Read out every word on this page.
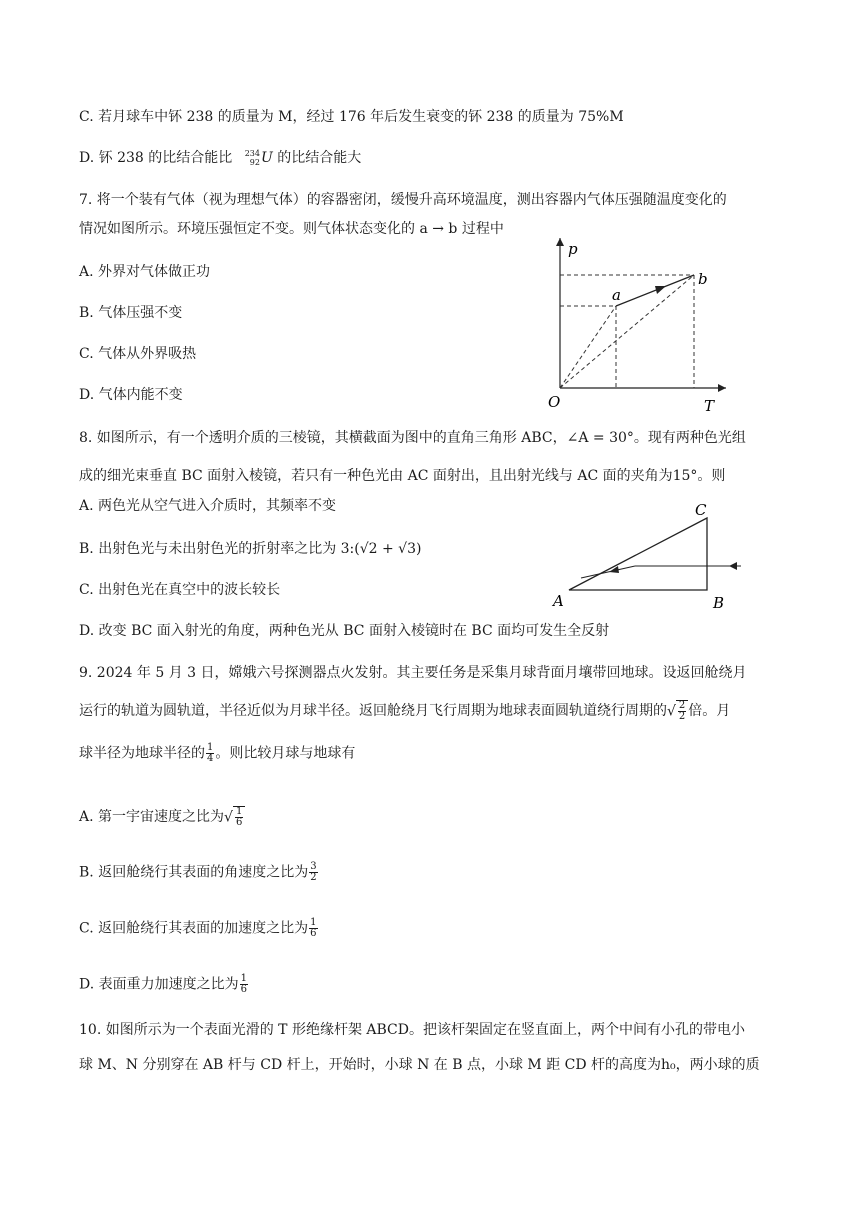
C. 若月球车中钚 238 的质量为 M，经过 176 年后发生衰变的钚 238 的质量为 75%M
D. 钚 238 的比结合能比 234
92 U 的比结合能大
7. 将一个装有气体（视为理想气体）的容器密闭，缓慢升高环境温度，测出容器内气体压强随温度变化的
情况如图所示。环境压强恒定不变。则气体状态变化的 a → b 过程中
A. 外界对气体做正功
B. 气体压强不变
C. 气体从外界吸热
D. 气体内能不变
p
T
O
a
b
8. 如图所示，有一个透明介质的三棱镜，其横截面为图中的直角三角形 ABC，∠A = 30°。现有两种色光组
成的细光束垂直 BC 面射入棱镜，若只有一种色光由 AC 面射出，且出射光线与 AC 面的夹角为15°。则
A. 两色光从空气进入介质时，其频率不变
B. 出射色光与未出射色光的折射率之比为 3:(√2 + √3)
C. 出射色光在真空中的波长较长
D. 改变 BC 面入射光的角度，两种色光从 BC 面射入棱镜时在 BC 面均可发生全反射
A	B
C
9. 2024 年 5 月 3 日，嫦娥六号探测器点火发射。其主要任务是采集月球背面月壤带回地球。设返回舱绕月
运行的轨道为圆轨道，半径近似为月球半径。返回舱绕月飞行周期为地球表面圆轨道绕行周期的√ $\frac{2}{2}$ 倍。月
球半径为地球半径的 $\frac{1}{4}$ 。则比较月球与地球有
A. 第一宇宙速度之比为√ $\frac{1}{6}$
B. 返回舱绕行其表面的角速度之比为 $\frac{3}{2}$
C. 返回舱绕行其表面的加速度之比为 $\frac{1}{6}$
D. 表面重力加速度之比为 $\frac{1}{6}$
10. 如图所示为一个表面光滑的 T 形绝缘杆架 ABCD。把该杆架固定在竖直面上，两个中间有小孔的带电小
球 M、N 分别穿在 AB 杆与 CD 杆上，开始时，小球 N 在 B 点，小球 M 距 CD 杆的高度为h₀，两小球的质
